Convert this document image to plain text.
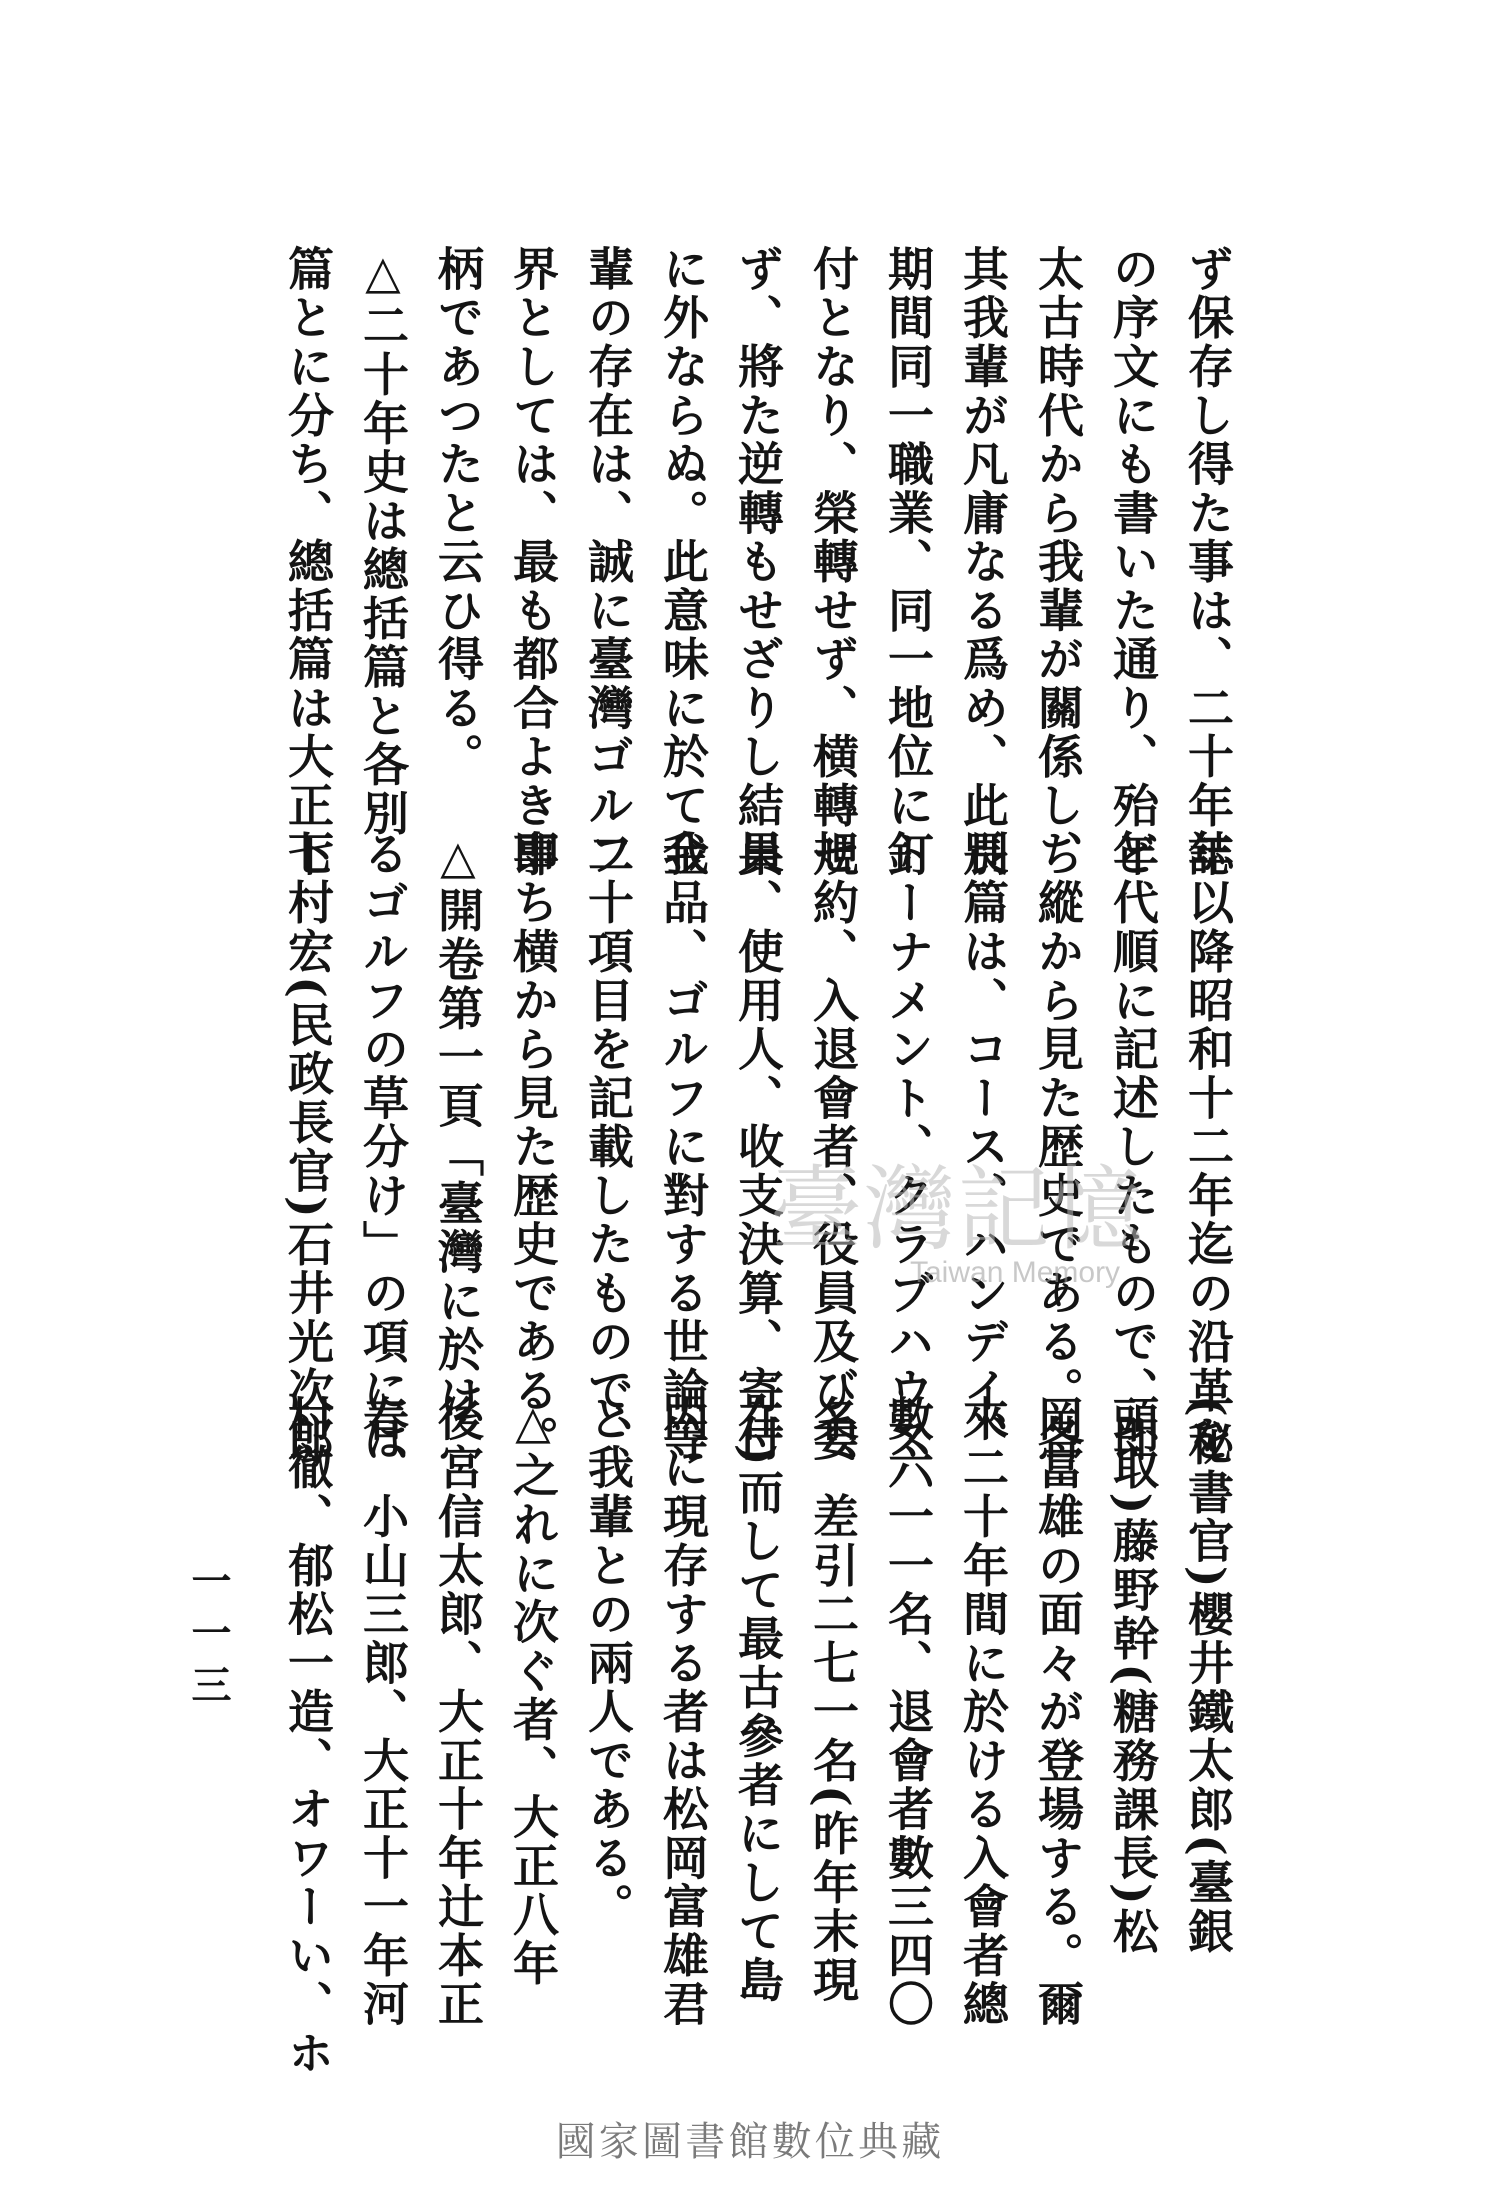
ず保存し得た事は、二十年誌
の序文にも書いた通り、殆ど
太古時代から我輩が關係し、
其我輩が凡庸なる爲め、此長
期間同一職業、同一地位に釘
付となり、榮轉せず、横轉せ
ず、將た逆轉もせざりし結果
に外ならぬ。此意味に於て我
輩の存在は、誠に臺灣ゴルフ
界としては、最も都合よき事
柄であつたと云ひ得る。
△二十年史は總括篇と各別
篇とに分ち、總括篇は大正七
年以降昭和十二年迄の沿革を
年代順に記述したもので、即
ち縱から見た歴史である。各
別篇は、コース、ハンデイ、
トーナメント、クラブハウス
規約、入退會者、役員及び委
員、使用人、收支決算、寄付
金品、ゴルフに對する世論等
二十項目を記載したもので、
即ち横から見た歴史である。
△開卷第一頁「臺灣に於け
るゴルフの草分け」の項には
下村宏(民政長官)石井光次郎
(秘書官)櫻井鐵太郎(臺銀
頭取)藤野幹(糖務課長)松
岡富雄の面々が登場する。爾
來二十年間に於ける入會者總
數六一一名、退會者數三四〇
名、差引二七一名(昨年末現
在)而して最古參者にして島
内に現存する者は松岡富雄君
と我輩との兩人である。
△之れに次ぐ者、大正八年
後宮信太郎、大正十年辻本正
春、小山三郎、大正十一年河
村徹、郁松一造、オワーい、ホ
一一三
臺灣記憶
Taiwan Memory
國家圖書館數位典藏
